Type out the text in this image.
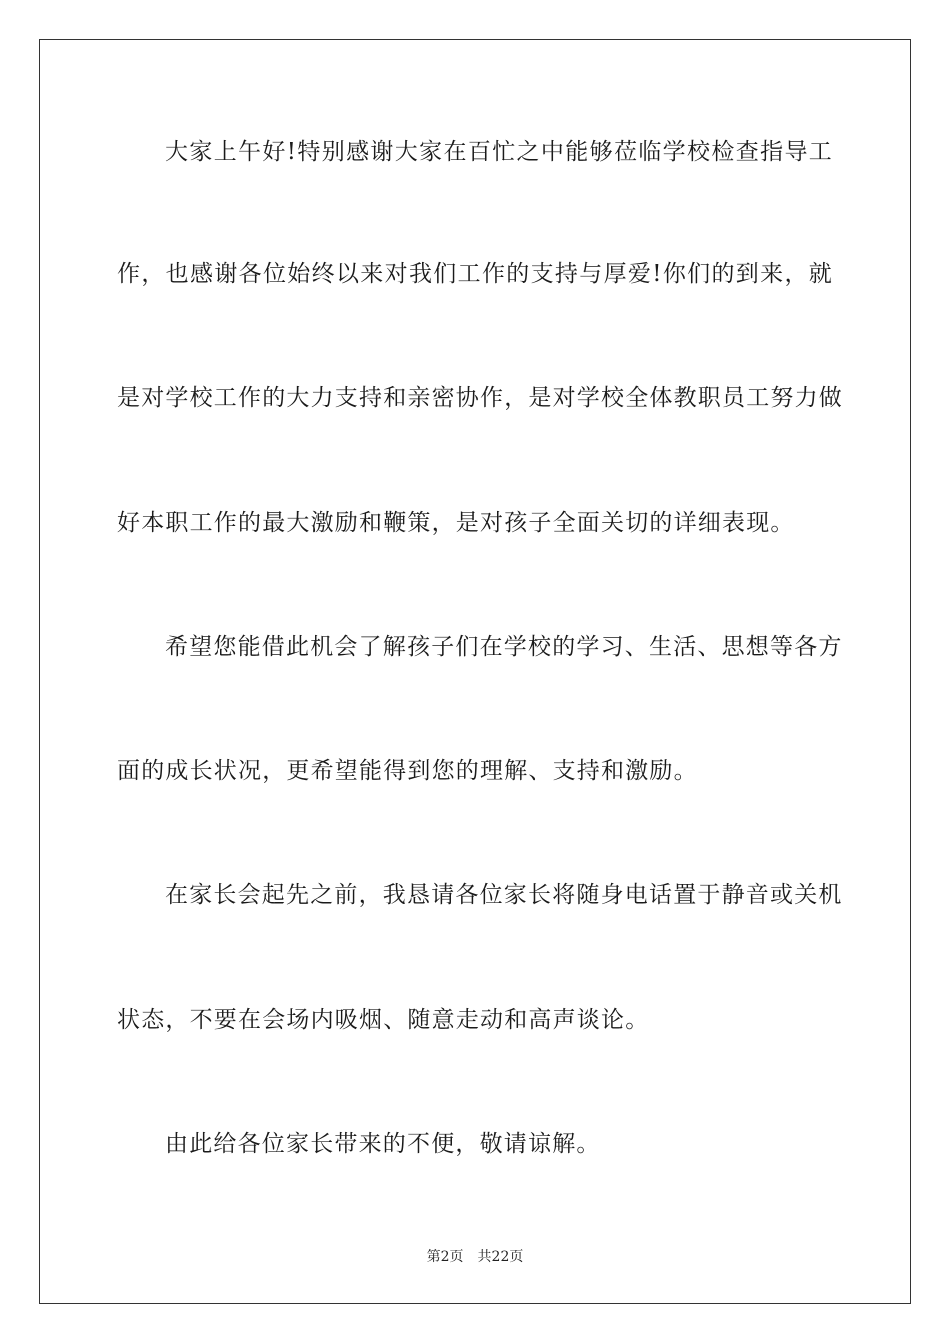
大家上午好!特别感谢大家在百忙之中能够莅临学校检查指导工
作，也感谢各位始终以来对我们工作的支持与厚爱!你们的到来，就
是对学校工作的大力支持和亲密协作，是对学校全体教职员工努力做
好本职工作的最大激励和鞭策，是对孩子全面关切的详细表现。
希望您能借此机会了解孩子们在学校的学习、生活、思想等各方
面的成长状况，更希望能得到您的理解、支持和激励。
在家长会起先之前，我恳请各位家长将随身电话置于静音或关机
状态，不要在会场内吸烟、随意走动和高声谈论。
由此给各位家长带来的不便，敬请谅解。
第2页 共22页
